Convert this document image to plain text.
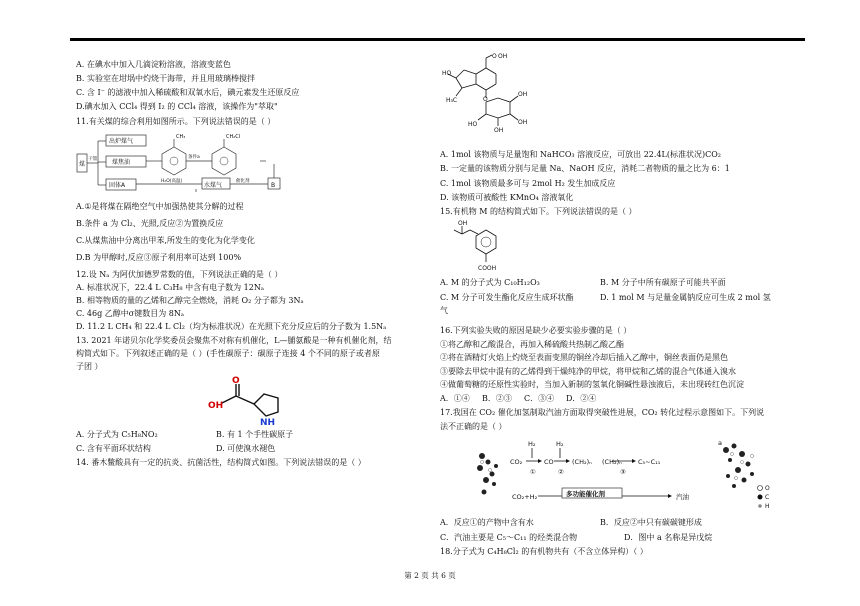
A. 在碘水中加入几滴淀粉溶液，溶液变蓝色
B. 实验室在坩埚中灼烧干海带，并且用玻璃棒搅拌
C. 含 I⁻ 的滤液中加入稀硫酸和双氧水后，碘元素发生还原反应
D.碘水加入 CCl₄ 得到 I₂ 的 CCl₄ 溶液，该操作为"萃取"
11.有关煤的综合利用如图所示。下列说法错误的是（ ）
煤
干馏
出炉煤气
煤焦油
固体A
条件a
H₂O(高温)
水煤气
催化剂
B
CH₃	CH₂Cl
A.①是将煤在隔绝空气中加强热使其分解的过程
B.条件 a 为 Cl₂、光照,反应②为置换反应
C.从煤焦油中分离出甲苯,所发生的变化为化学变化
D.B 为甲醇时,反应③原子利用率可达到 100%
12.设 Nₐ 为阿伏加德罗常数的值，下列说法正确的是（ ）
A. 标准状况下，22.4 L C₃H₈ 中含有电子数为 12Nₐ
B. 相等物质的量的乙烯和乙醇完全燃烧，消耗 O₂ 分子都为 3Nₐ
C. 46g 乙醇中σ键数目为 8Nₐ
D. 11.2 L CH₄ 和 22.4 L Cl₂（均为标准状况）在光照下充分反应后的分子数为 1.5Nₐ
13. 2021 年诺贝尔化学奖委员会聚焦不对称有机催化，L—脯氨酸是一种有机催化剂，结
构简式如下。下列叙述正确的是（ ）(手性碳原子：碳原子连接 4 个不同的原子或者原
子团 ）
O
OH
NH
A. 分子式为 C₅H₈NO₂	B. 有 1 个手性碳原子
C. 含有平面环状结构	D. 可使溴水褪色
14. 番木鳖酸具有一定的抗炎、抗菌活性，结构简式如图。下列说法错误的是（ ）
O OH
HO
H₃C	O
OH
OH
OH
HO
A. 1mol 该物质与足量饱和 NaHCO₃ 溶液反应，可放出 22.4L(标准状况)CO₂
B. 一定量的该物质分别与足量 Na、NaOH 反应，消耗二者物质的量之比为 6：1
C. 1mol 该物质最多可与 2mol H₂ 发生加成反应
D. 该物质可被酸性 KMnO₄ 溶液氧化
15.有机物 M 的结构简式如下。下列说法错误的是（ ）
OH
COOH
A. M 的分子式为 C₁₀H₁₂O₃	B. M 分子中所有碳原子可能共平面
C. M 分子可发生酯化反应生成环状酯	D. 1 mol M 与足量金属钠反应可生成 2 mol 氢
气
16.下列实验失败的原因是缺少必要实验步骤的是（ ）
①将乙醇和乙酸混合，再加入稀硫酸共热制乙酸乙酯
②将在酒精灯火焰上灼烧至表面变黑的铜丝冷却后插入乙醇中，铜丝表面仍是黑色
③要除去甲烷中混有的乙烯得到干燥纯净的甲烷，将甲烷和乙烯的混合气体通入溴水
④做葡萄糖的还原性实验时，当加入新制的氢氧化铜碱性悬浊液后，未出现砖红色沉淀
A．①④ B．②③ C．③④ D．②④
17.我国在 CO₂ 催化加氢制取汽油方面取得突破性进展，CO₂ 转化过程示意图如下。下列说
法不正确的是（ ）
H₂	H₂
CO₂	CO	(CH₂)ₙ (CH₂)ₙ	C₅~C₁₁
①	②	③
CO₂+H₂	多功能催化剂	汽油
a
O
C
H
A．反应①的产物中含有水	B．反应②中只有碳碳键形成
C．汽油主要是 C₅～C₁₁ 的烃类混合物	D．图中 a 名称是异戊烷
18.分子式为 C₄H₈Cl₂ 的有机物共有（不含立体异构）（ ）
第 2 页 共 6 页
